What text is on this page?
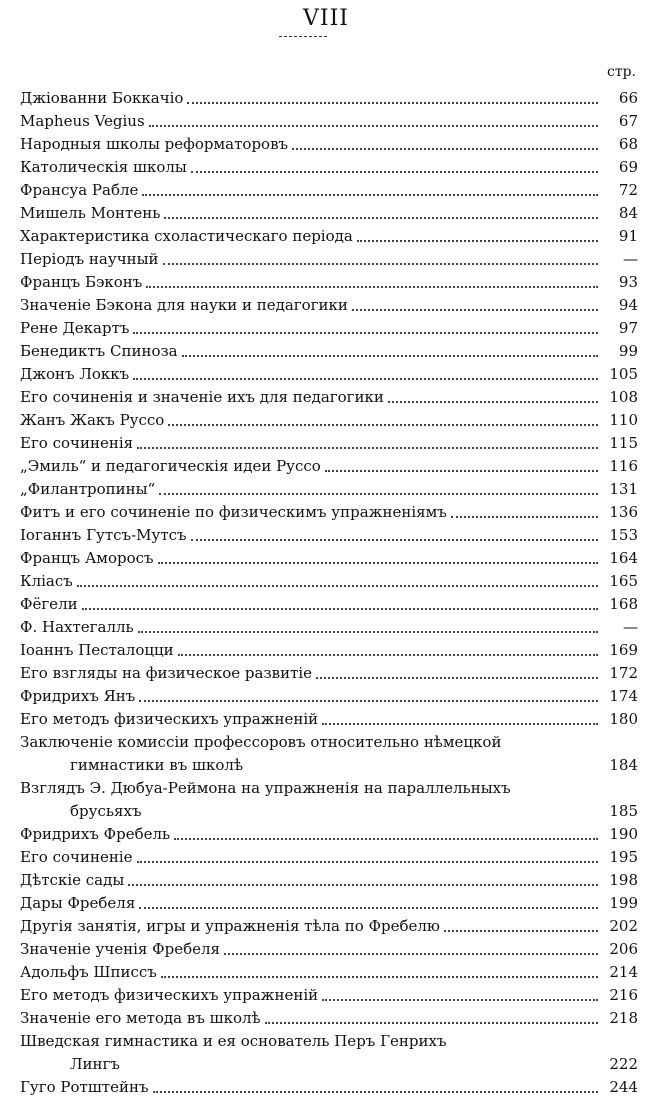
VIII
стр.
Джіованни Боккачіо	66
Mapheus Vegius	67
Народныя школы реформаторовъ	68
Католическія школы	69
Франсуа Рабле	72
Мишель Монтень	84
Характеристика схоластическаго періода	91
Періодъ научный	—
Францъ Бэконъ	93
Значеніе Бэкона для науки и педагогики	94
Рене Декартъ	97
Бенедиктъ Спиноза	99
Джонъ Локкъ	105
Его сочиненія и значеніе ихъ для педагогики	108
Жанъ Жакъ Руссо	110
Его сочиненія	115
„Эмиль“ и педагогическія идеи Руссо	116
„Филантропины“	131
Фитъ и его сочиненіе по физическимъ упражненіямъ	136
Іоганнъ Гутсъ-Мутсъ	153
Францъ Аморосъ	164
Кліасъ	165
Фёгели	168
Ф. Нахтегалль	—
Іоаннъ Песталоцци	169
Его взгляды на физическое развитіе	172
Фридрихъ Янъ	174
Его методъ физическихъ упражненій	180
Заключеніе комиссіи профессоровъ относительно нѣмецкой
гимнастики въ школѣ	184
Взглядъ Э. Дюбуа-Реймона на упражненія на параллельныхъ
брусьяхъ	185
Фридрихъ Фребель	190
Его сочиненіе	195
Дѣтскіе сады	198
Дары Фребеля	199
Другія занятія, игры и упражненія тѣла по Фребелю	202
Значеніе ученія Фребеля	206
Адольфъ Шписсъ	214
Его методъ физическихъ упражненій	216
Значеніе его метода въ школѣ	218
Шведская гимнастика и ея основатель Перъ Генрихъ
Лингъ	222
Гуго Ротштейнъ	244
